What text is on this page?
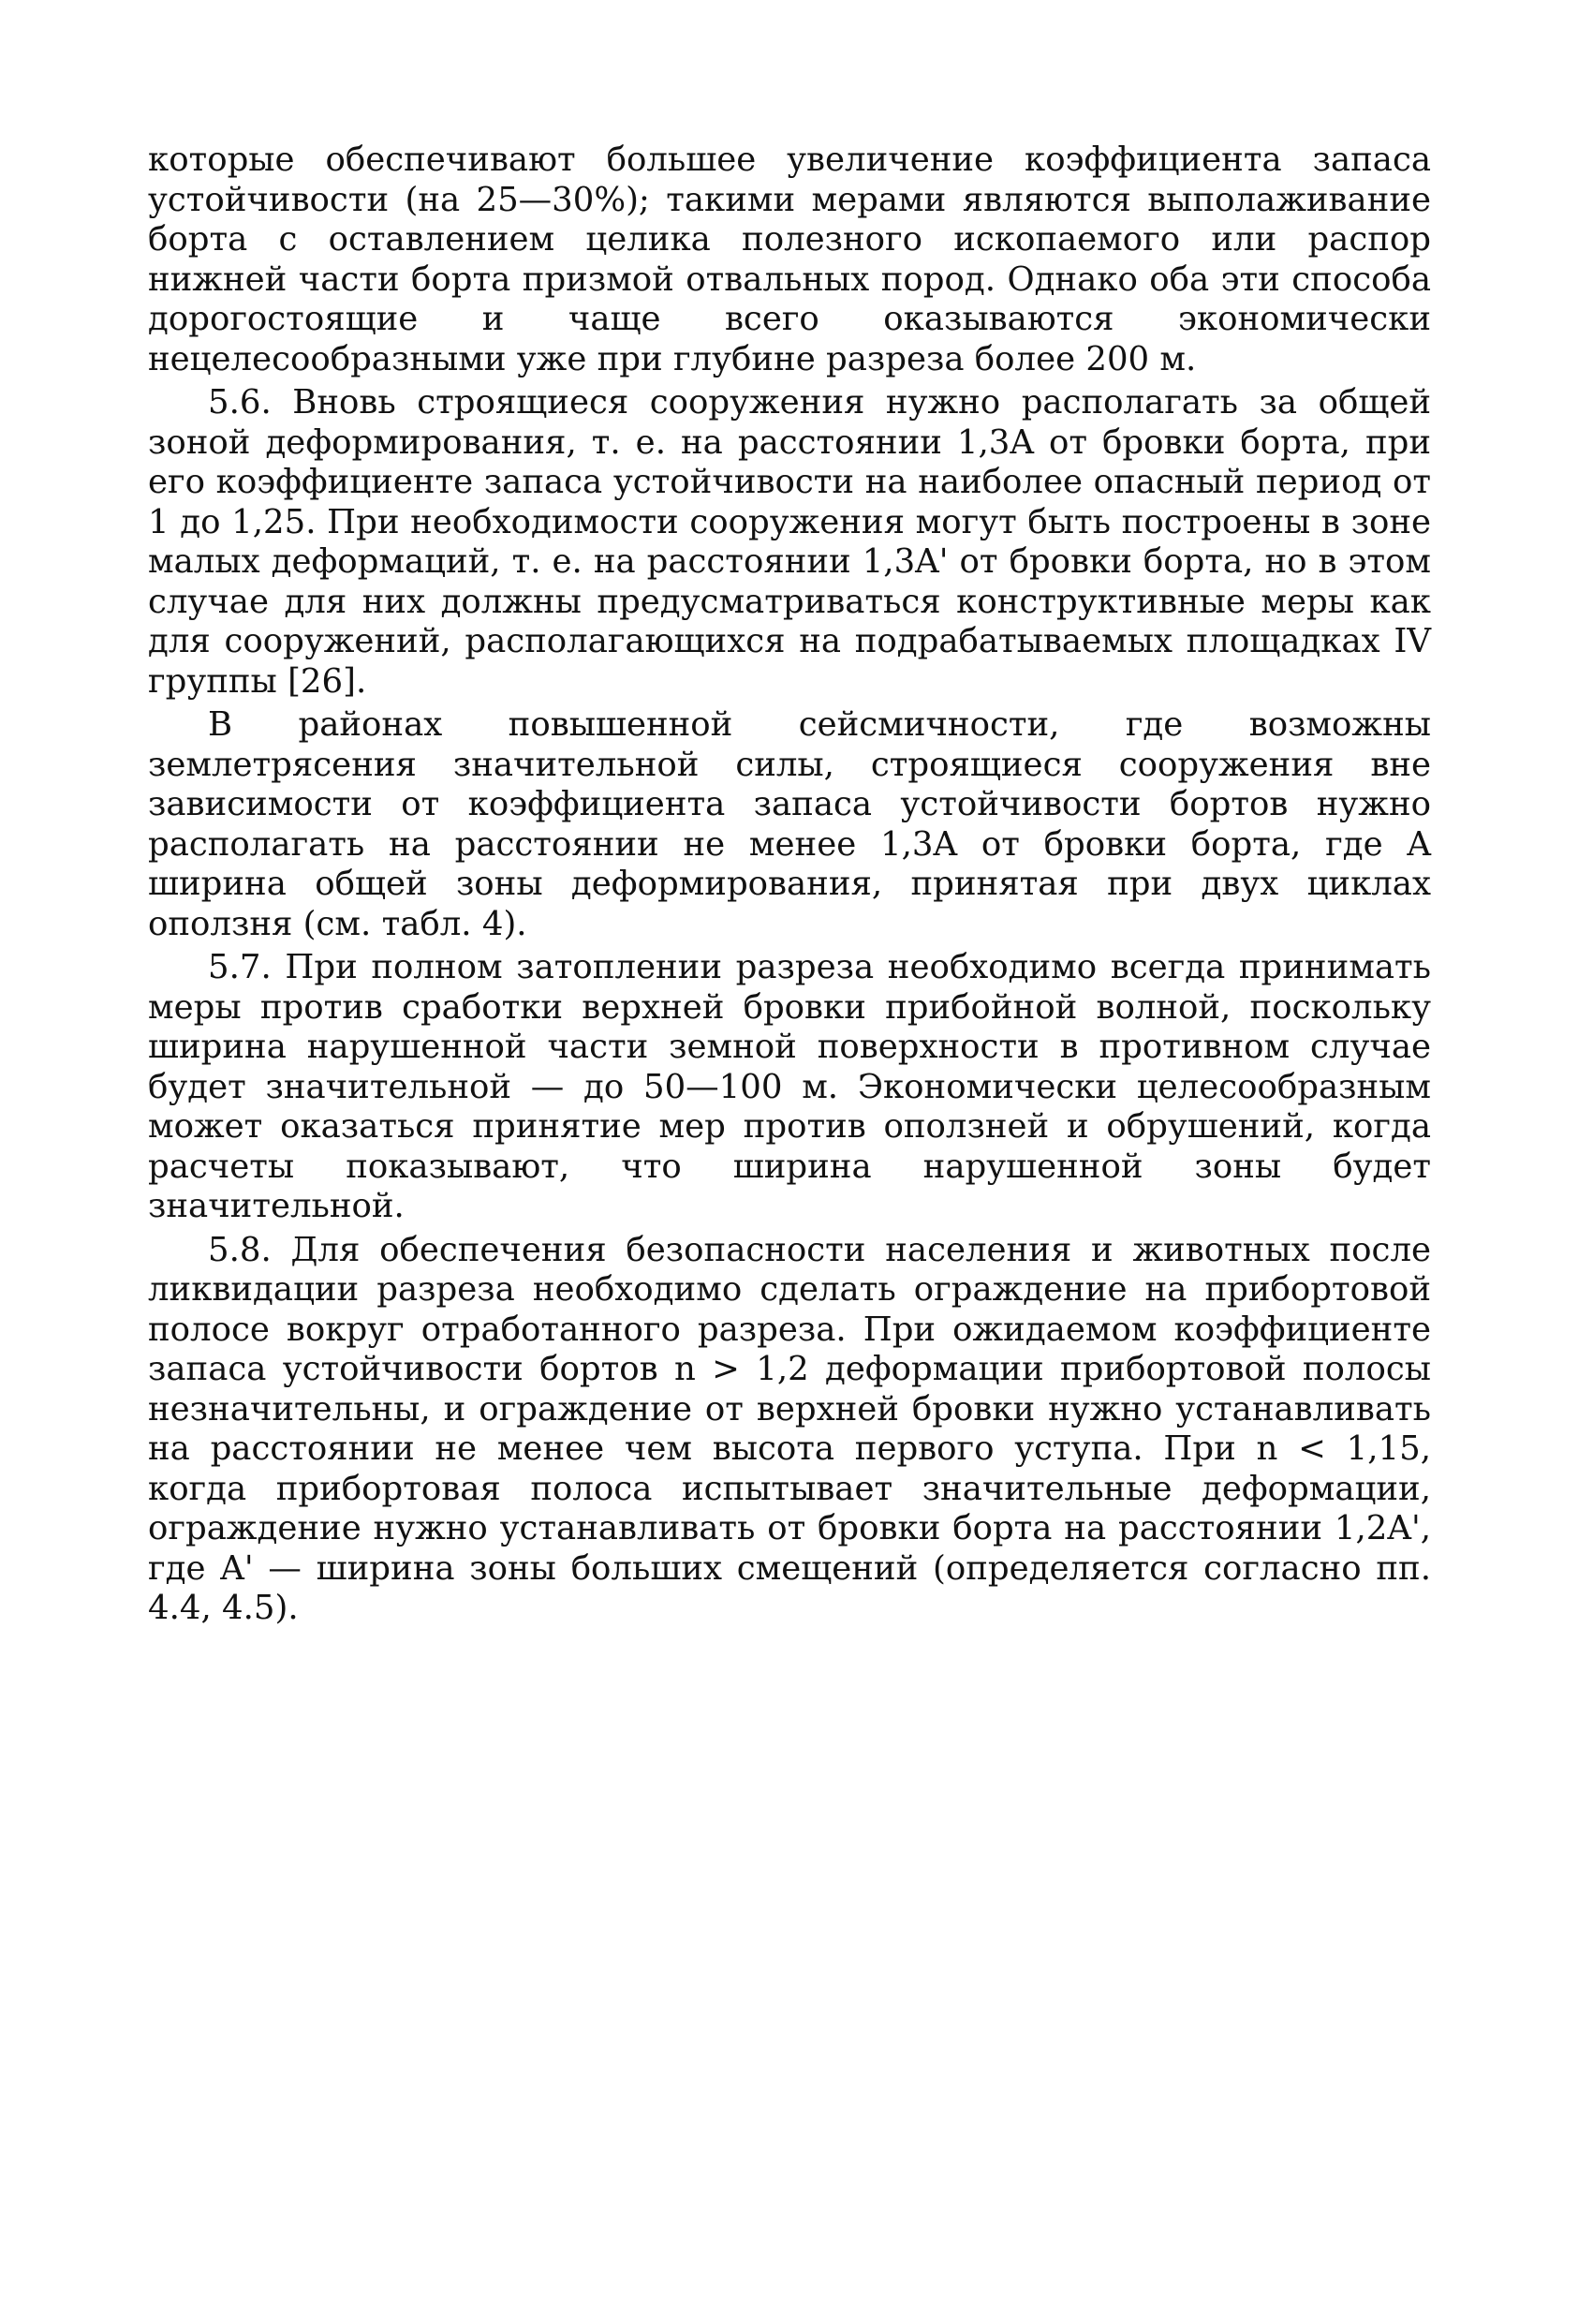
которые обеспечивают большее увеличение коэффициента запаса устойчивости (на 25—30%); такими мерами являются выполаживание борта с оставлением целика полезного ископаемого или распор нижней части борта призмой отвальных пород. Однако оба эти способа дорогостоящие и чаще всего оказываются экономически нецелесообразными уже при глубине разреза более 200 м.

5.6. Вновь строящиеся сооружения нужно располагать за общей зоной деформирования, т. е. на расстоянии 1,3A от бровки борта, при его коэффициенте запаса устойчивости на наиболее опасный период от 1 до 1,25. При необходимости сооружения могут быть построены в зоне малых деформаций, т. е. на расстоянии 1,3A' от бровки борта, но в этом случае для них должны предусматриваться конструктивные меры как для сооружений, располагающихся на подрабатываемых площадках IV группы [26].

В районах повышенной сейсмичности, где возможны землетрясения значительной силы, строящиеся сооружения вне зависимости от коэффициента запаса устойчивости бортов нужно располагать на расстоянии не менее 1,3A от бровки борта, где A ширина общей зоны деформирования, принятая при двух циклах оползня (см. табл. 4).

5.7. При полном затоплении разреза необходимо всегда принимать меры против сработки верхней бровки прибойной волной, поскольку ширина нарушенной части земной поверхности в противном случае будет значительной — до 50—100 м. Экономически целесообразным может оказаться принятие мер против оползней и обрушений, когда расчеты показывают, что ширина нарушенной зоны будет значительной.

5.8. Для обеспечения безопасности населения и животных после ликвидации разреза необходимо сделать ограждение на прибортовой полосе вокруг отработанного разреза. При ожидаемом коэффициенте запаса устойчивости бортов n > 1,2 деформации прибортовой полосы незначительны, и ограждение от верхней бровки нужно устанавливать на расстоянии не менее чем высота первого уступа. При n < 1,15, когда прибортовая полоса испытывает значительные деформации, ограждение нужно устанавливать от бровки борта на расстоянии 1,2A', где A' — ширина зоны больших смещений (определяется согласно пп. 4.4, 4.5).
